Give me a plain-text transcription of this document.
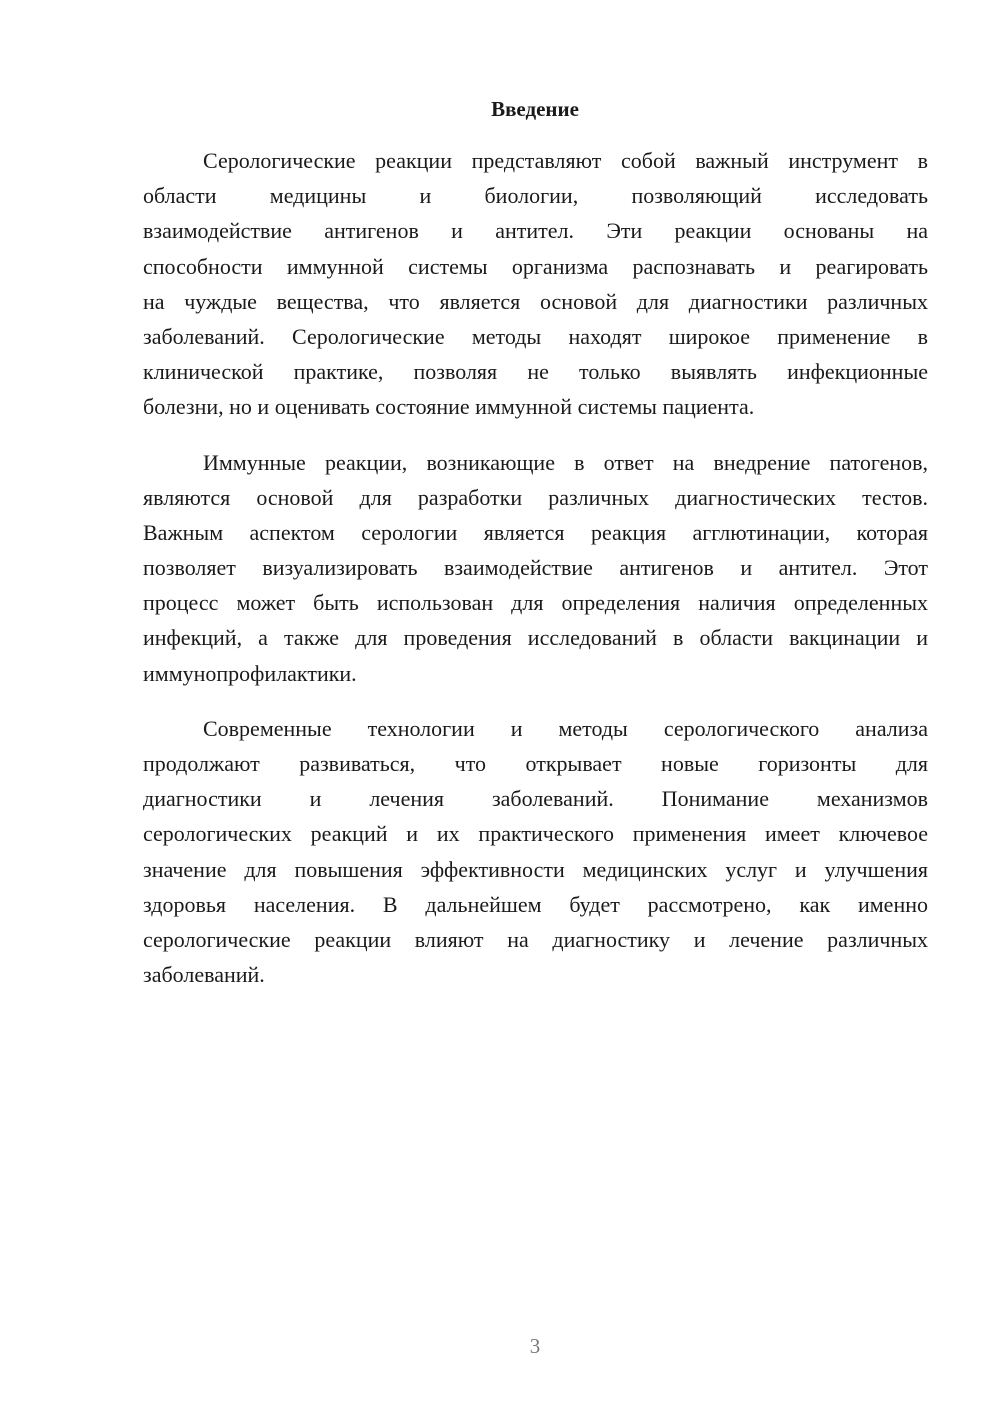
Введение
Серологические реакции представляют собой важный инструмент в
области медицины и биологии, позволяющий исследовать
взаимодействие антигенов и антител. Эти реакции основаны на
способности иммунной системы организма распознавать и реагировать
на чуждые вещества, что является основой для диагностики различных
заболеваний. Серологические методы находят широкое применение в
клинической практике, позволяя не только выявлять инфекционные
болезни, но и оценивать состояние иммунной системы пациента.
Иммунные реакции, возникающие в ответ на внедрение патогенов,
являются основой для разработки различных диагностических тестов.
Важным аспектом серологии является реакция агглютинации, которая
позволяет визуализировать взаимодействие антигенов и антител. Этот
процесс может быть использован для определения наличия определенных
инфекций, а также для проведения исследований в области вакцинации и
иммунопрофилактики.
Современные технологии и методы серологического анализа
продолжают развиваться, что открывает новые горизонты для
диагностики и лечения заболеваний. Понимание механизмов
серологических реакций и их практического применения имеет ключевое
значение для повышения эффективности медицинских услуг и улучшения
здоровья населения. В дальнейшем будет рассмотрено, как именно
серологические реакции влияют на диагностику и лечение различных
заболеваний.
3
